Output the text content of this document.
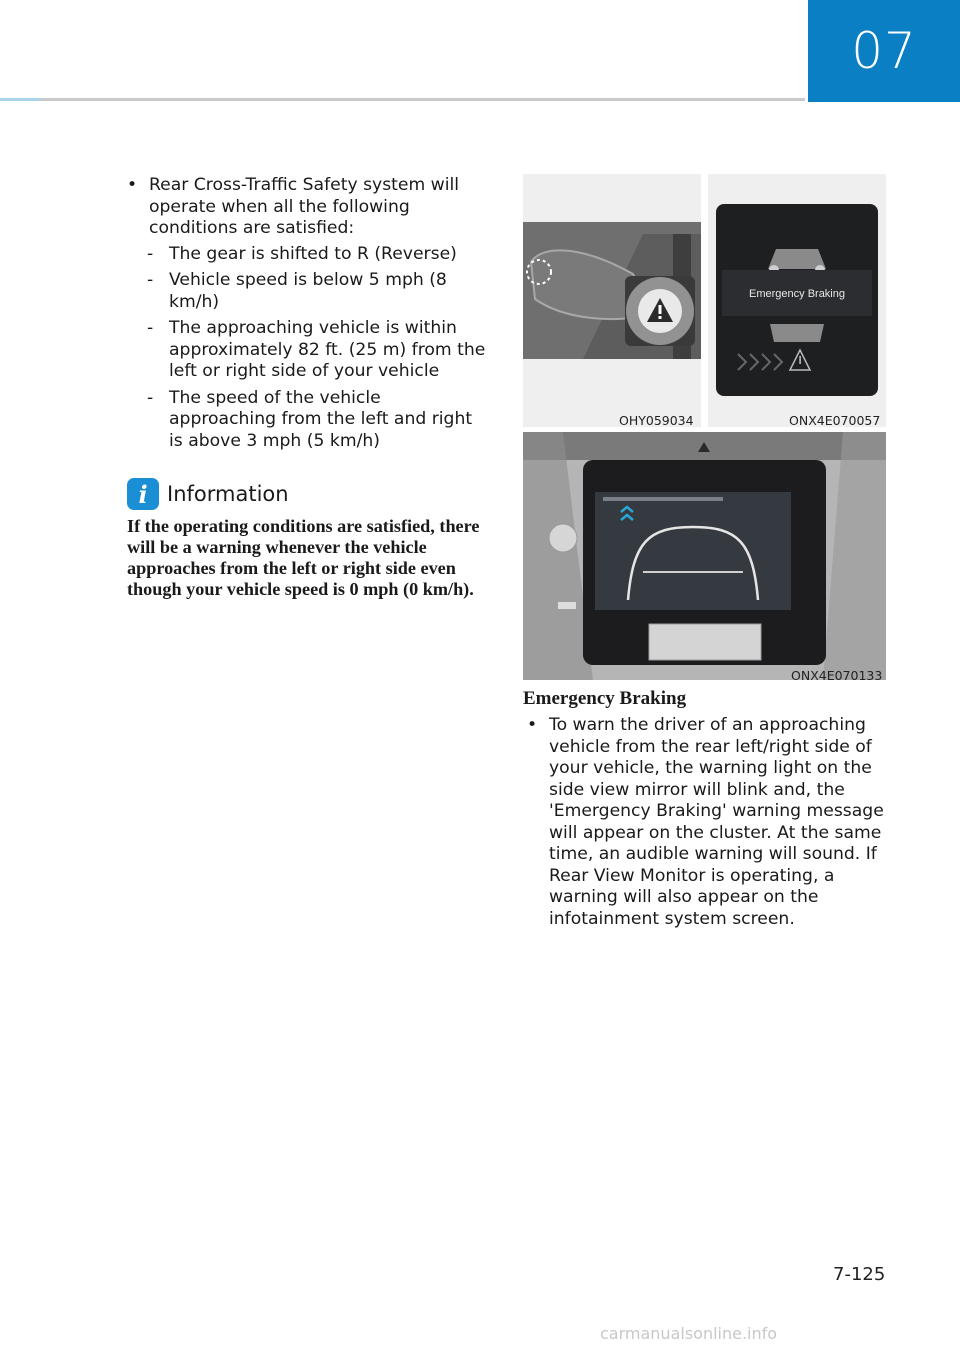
07
• Rear Cross-Traffic Safety system will operate when all the following conditions are satisfied:
- The gear is shifted to R (Reverse)
- Vehicle speed is below 5 mph (8 km/h)
- The approaching vehicle is within approximately 82 ft. (25 m) from the left or right side of your vehicle
- The speed of the vehicle approaching from the left and right is above 3 mph (5 km/h)
i Information
If the operating conditions are satisfied, there will be a warning whenever the vehicle approaches from the left or right side even though your vehicle speed is 0 mph (0 km/h).
OHY059034
Emergency Braking
ONX4E070057
ONX4E070133
Emergency Braking
• To warn the driver of an approaching vehicle from the rear left/right side of your vehicle, the warning light on the side view mirror will blink and, the 'Emergency Braking' warning message will appear on the cluster. At the same time, an audible warning will sound. If Rear View Monitor is operating, a warning will also appear on the infotainment system screen.
7-125
carmanualsonline.info
